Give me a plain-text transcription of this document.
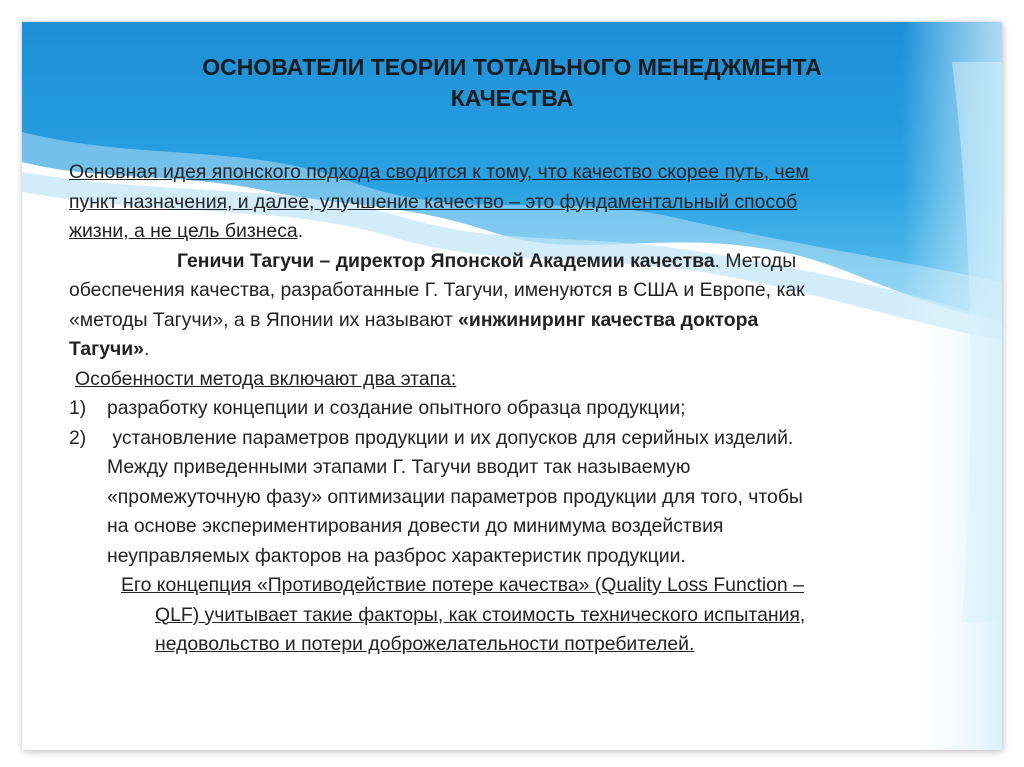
ОСНОВАТЕЛИ ТЕОРИИ ТОТАЛЬНОГО МЕНЕДЖМЕНТА
КАЧЕСТВА
Основная идея японского подхода сводится к тому, что качество скорее путь, чем
пункт назначения, и далее, улучшение качество – это фундаментальный способ
жизни, а не цель бизнеса.
Геничи Тагучи – директор Японской Академии качества. Методы
обеспечения качества, разработанные Г. Тагучи, именуются в США и Европе, как
«методы Тагучи», а в Японии их называют «инжиниринг качества доктора
Тагучи».
Особенности метода включают два этапа:
1) разработку концепции и создание опытного образца продукции;
2) установление параметров продукции и их допусков для серийных изделий.
Между приведенными этапами Г. Тагучи вводит так называемую
«промежуточную фазу» оптимизации параметров продукции для того, чтобы
на основе экспериментирования довести до минимума воздействия
неуправляемых факторов на разброс характеристик продукции.
Его концепция «Противодействие потере качества» (Quality Loss Function –
QLF) учитывает такие факторы, как стоимость технического испытания,
недовольство и потери доброжелательности потребителей.
